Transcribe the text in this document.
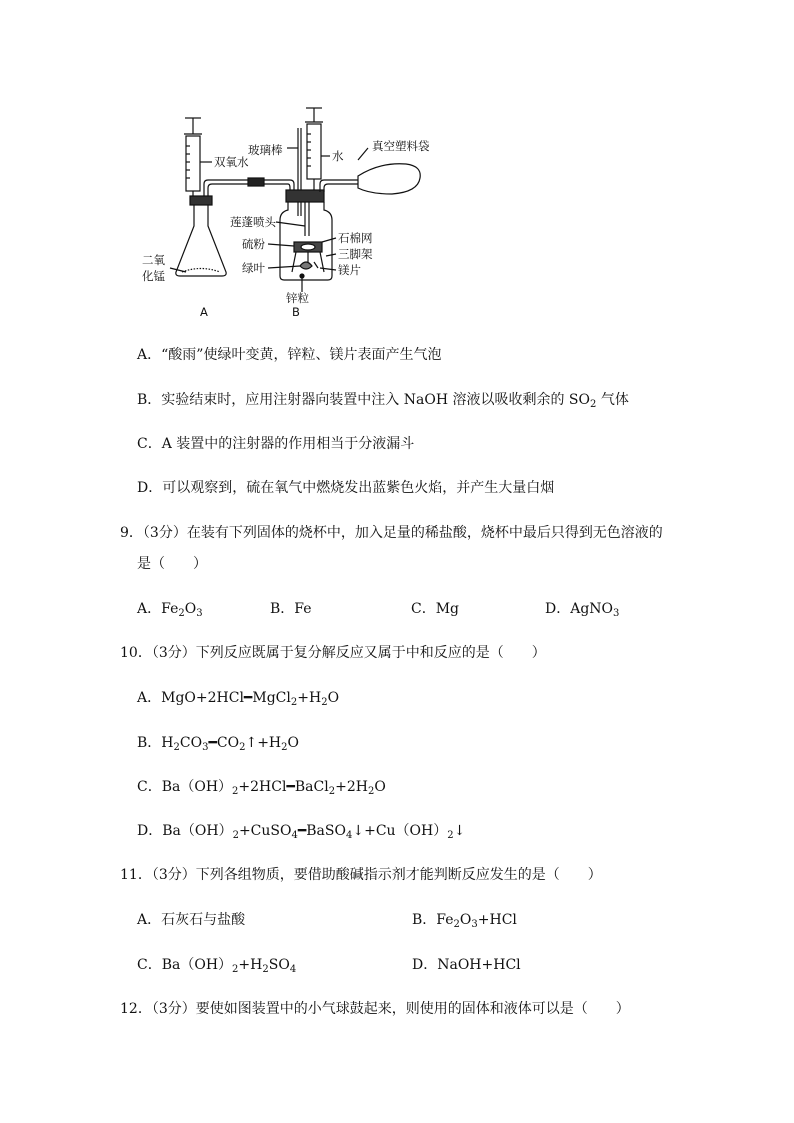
双氧水
玻璃棒	水
真空塑料袋
莲蓬喷头
硫粉	石棉网
三脚架
绿叶	镁片
二氧
化锰
锌粒
A	B
A．“酸雨”使绿叶变黄，锌粒、镁片表面产生气泡
B．实验结束时，应用注射器向装置中注入 NaOH 溶液以吸收剩余的 $SO_2$ 气体
C．A 装置中的注射器的作用相当于分液漏斗
D．可以观察到，硫在氧气中燃烧发出蓝紫色火焰，并产生大量白烟
9．（3分）在装有下列固体的烧杯中，加入足量的稀盐酸，烧杯中最后只得到无色溶液的
是（　　）
A．$Fe_2O_3$	B．Fe	C．Mg	D．AgNO$_3$
10．（3分）下列反应既属于复分解反应又属于中和反应的是（　　）
A．$MgO+2HCl━MgCl_2+H_2O$
B．$H_2CO_3━CO_2↑+H_2O$
C．$Ba(OH)_2+2HCl━BaCl_2+2H_2O$
D．$Ba(OH)_2+CuSO_4━BaSO_4↓+Cu(OH)_2↓$
11．（3分）下列各组物质，要借助酸碱指示剂才能判断反应发生的是（　　）
A．石灰石与盐酸	B．$Fe_2O_3+HCl$
C．$Ba(OH)_2+H_2SO_4$	D．NaOH+HCl
12．（3分）要使如图装置中的小气球鼓起来，则使用的固体和液体可以是（　　）
